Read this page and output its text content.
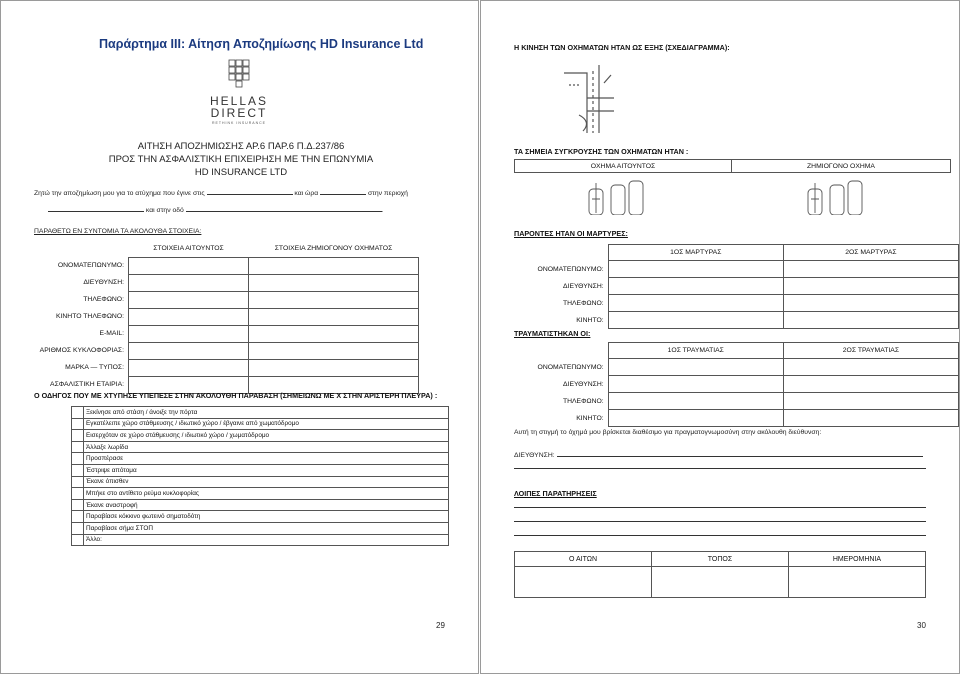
Παράρτημα ΙΙΙ: Αίτηση Αποζημίωσης HD Insurance Ltd
HELLAS
DIRECT
RETHINK INSURANCE
ΑΙΤΗΣΗ ΑΠΟΖΗΜΙΩΣΗΣ ΑΡ.6 ΠΑΡ.6 Π.Δ.237/86
ΠΡΟΣ ΤΗΝ ΑΣΦΑΛΙΣΤΙΚΗ ΕΠΙΧΕΙΡΗΣΗ ΜΕ ΤΗΝ ΕΠΩΝΥΜΙΑ
HD INSURANCE LTD
Ζητώ την αποζημίωση μου για το ατύχημα που έγινε στις	και ώρα	στην περιοχή
και στην οδό	.
ΠΑΡΑΘΕΤΩ ΕΝ ΣΥΝΤΟΜΙΑ ΤΑ ΑΚΟΛΟΥΘΑ ΣΤΟΙΧΕΙΑ:
	ΣΤΟΙΧΕΙΑ ΑΙΤΟΥΝΤΟΣ	ΣΤΟΙΧΕΙΑ ΖΗΜΙΟΓΟΝΟΥ ΟΧΗΜΑΤΟΣ
ΟΝΟΜΑΤΕΠΩΝΥΜΟ:		
ΔΙΕΥΘΥΝΣΗ:		
ΤΗΛΕΦΩΝΟ:		
ΚΙΝΗΤΟ ΤΗΛΕΦΩΝΟ:		
E-MAIL:		
ΑΡΙΘΜΟΣ ΚΥΚΛΟΦΟΡΙΑΣ:		
ΜΑΡΚΑ — ΤΥΠΟΣ:		
ΑΣΦΑΛΙΣΤΙΚΗ ΕΤΑΙΡΙΑ:		
Ο ΟΔΗΓΟΣ ΠΟΥ ΜΕ ΧΤΥΠΗΣΕ ΥΠΕΠΕΣΕ ΣΤΗΝ ΑΚΟΛΟΥΘΗ ΠΑΡΑΒΑΣΗ (ΣΗΜΕΙΩΝΩ ΜΕ Χ ΣΤΗΝ ΑΡΙΣΤΕΡΗ ΠΛΕΥΡΑ) :
	Ξεκίνησε από στάση / άνοιξε την πόρτα
	Εγκατέλειπε χώρο στάθμευσης / ιδιωτικό χώρο / έβγαινε από χωματόδρομο
	Εισερχόταν σε χώρο στάθμευσης / ιδιωτικό χώρο / χωματόδρομο
	Άλλαξε λωρίδα
	Προσπέρασε
	Έστριψε απότομα
	Έκανε όπισθεν
	Μπήκε στο αντίθετο ρεύμα κυκλοφορίας
	Έκανε αναστροφή
	Παραβίασε κόκκινο φωτεινό σηματοδότη
	Παραβίασε σήμα ΣΤΟΠ
	Άλλο:
29
Η ΚΙΝΗΣΗ ΤΩΝ ΟΧΗΜΑΤΩΝ ΗΤΑΝ ΩΣ ΕΞΗΣ (ΣΧΕΔΙΑΓΡΑΜΜΑ):
ΤΑ ΣΗΜΕΙΑ ΣΥΓΚΡΟΥΣΗΣ ΤΩΝ ΟΧΗΜΑΤΩΝ ΗΤΑΝ :
ΟΧΗΜΑ ΑΙΤΟΥΝΤΟΣ	ΖΗΜΙΟΓΟΝΟ ΟΧΗΜΑ
ΠΑΡΟΝΤΕΣ ΗΤΑΝ ΟΙ ΜΑΡΤΥΡΕΣ:
	1ΟΣ ΜΑΡΤΥΡΑΣ	2ΟΣ ΜΑΡΤΥΡΑΣ
ΟΝΟΜΑΤΕΠΩΝΥΜΟ:		
ΔΙΕΥΘΥΝΣΗ:		
ΤΗΛΕΦΩΝΟ:		
ΚΙΝΗΤΟ:		
ΤΡΑΥΜΑΤΙΣΤΗΚΑΝ ΟΙ:
	1ΟΣ ΤΡΑΥΜΑΤΙΑΣ	2ΟΣ ΤΡΑΥΜΑΤΙΑΣ
ΟΝΟΜΑΤΕΠΩΝΥΜΟ:		
ΔΙΕΥΘΥΝΣΗ:		
ΤΗΛΕΦΩΝΟ:		
ΚΙΝΗΤΟ:		
Αυτή τη στιγμή το όχημά μου βρίσκεται διαθέσιμο για πραγματογνωμοσύνη στην ακόλουθη διεύθυνση:
ΔΙΕΥΘΥΝΣΗ:
ΛΟΙΠΕΣ ΠΑΡΑΤΗΡΗΣΕΙΣ
Ο ΑΙΤΩΝ	ΤΟΠΟΣ	ΗΜΕΡΟΜΗΝΙΑ

30
